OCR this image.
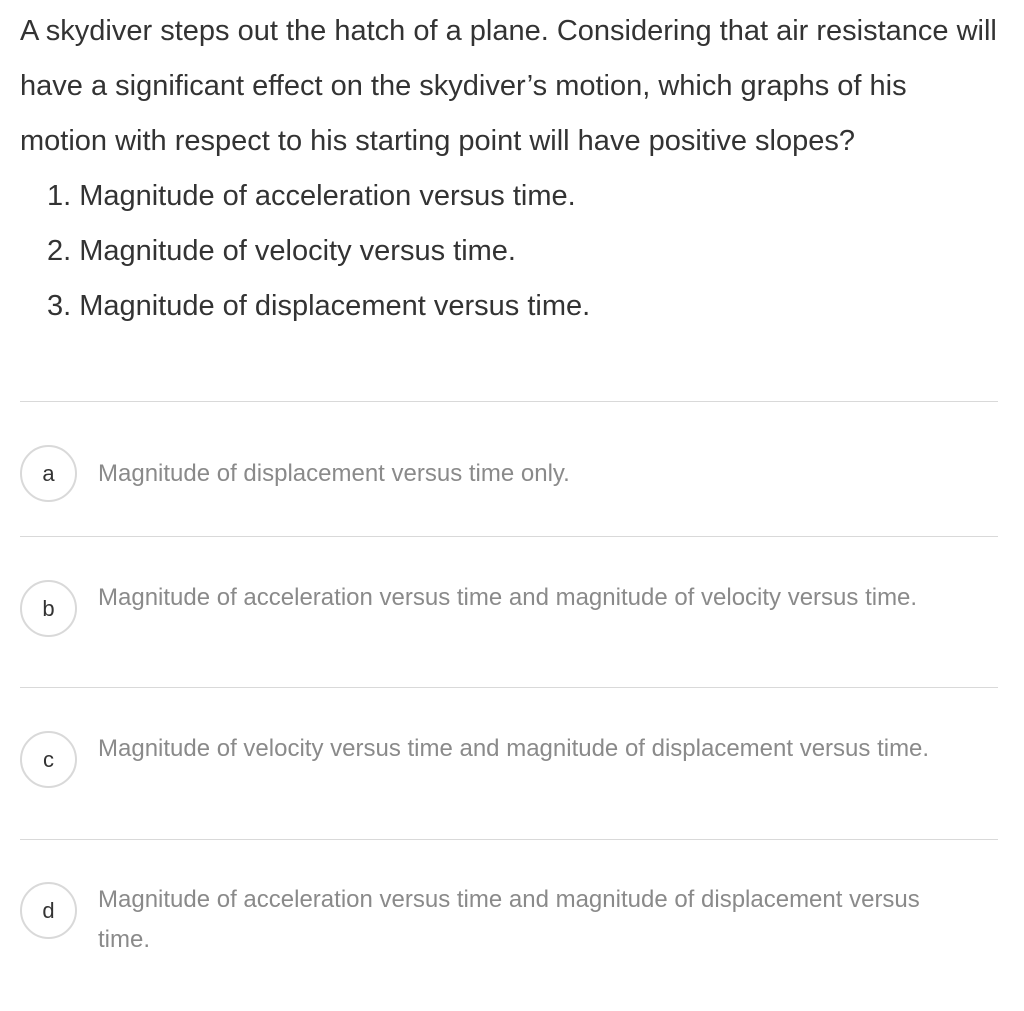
A skydiver steps out the hatch of a plane. Considering that air resistance will have a significant effect on the skydiver’s motion, which graphs of his motion with respect to his starting point will have positive slopes?

1. Magnitude of acceleration versus time.
2. Magnitude of velocity versus time.
3. Magnitude of displacement versus time.
a	Magnitude of displacement versus time only.
b	Magnitude of acceleration versus time and magnitude of velocity versus time.
c	Magnitude of velocity versus time and magnitude of displacement versus time.
d	Magnitude of acceleration versus time and magnitude of displacement versus time.
